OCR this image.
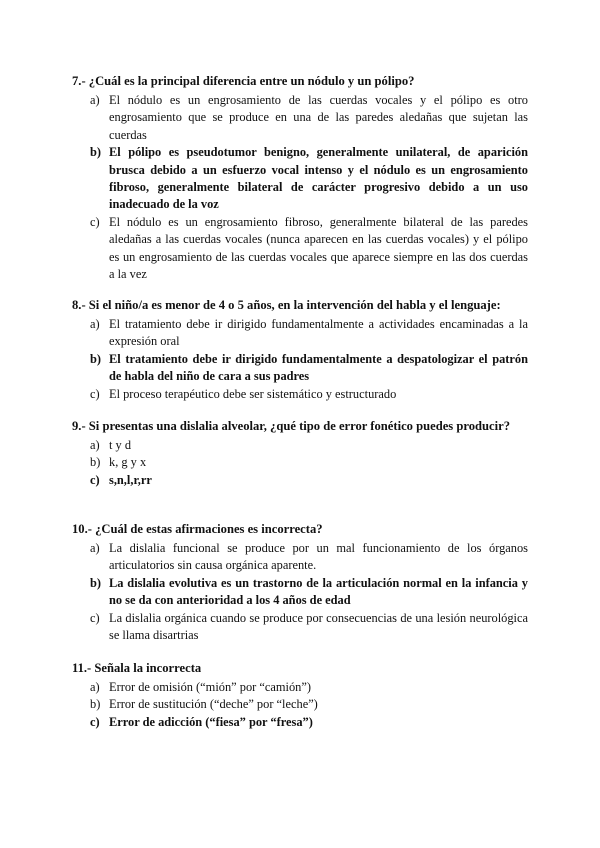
7.- ¿Cuál es la principal diferencia entre un nódulo y un pólipo?

a) El nódulo es un engrosamiento de las cuerdas vocales y el pólipo es otro engrosamiento que se produce en una de las paredes aledañas que sujetan las cuerdas
b) El pólipo es pseudotumor benigno, generalmente unilateral, de aparición brusca debido a un esfuerzo vocal intenso y el nódulo es un engrosamiento fibroso, generalmente bilateral de carácter progresivo debido a un uso inadecuado de la voz
c) El nódulo es un engrosamiento fibroso, generalmente bilateral de las paredes aledañas a las cuerdas vocales (nunca aparecen en las cuerdas vocales) y el pólipo es un engrosamiento de las cuerdas vocales que aparece siempre en las dos cuerdas a la vez

8.- Si el niño/a es menor de 4 o 5 años, en la intervención del habla y el lenguaje:

a) El tratamiento debe ir dirigido fundamentalmente a actividades encaminadas a la expresión oral
b) El tratamiento debe ir dirigido fundamentalmente a despatologizar el patrón de habla del niño de cara a sus padres
c) El proceso terapéutico debe ser sistemático y estructurado

9.- Si presentas una dislalia alveolar, ¿qué tipo de error fonético puedes producir?

a) t y d
b) k, g y x
c) s,n,l,r,rr

10.- ¿Cuál de estas afirmaciones es incorrecta?

a) La dislalia funcional se produce por un mal funcionamiento de los órganos articulatorios sin causa orgánica aparente.
b) La dislalia evolutiva es un trastorno de la articulación normal en la infancia y no se da con anterioridad a los 4 años de edad
c) La dislalia orgánica cuando se produce por consecuencias de una lesión neurológica se llama disartrias

11.- Señala la incorrecta

a) Error de omisión (“mión” por “camión”)
b) Error de sustitución (“deche” por “leche”)
c) Error de adicción (“fiesa” por “fresa”)
